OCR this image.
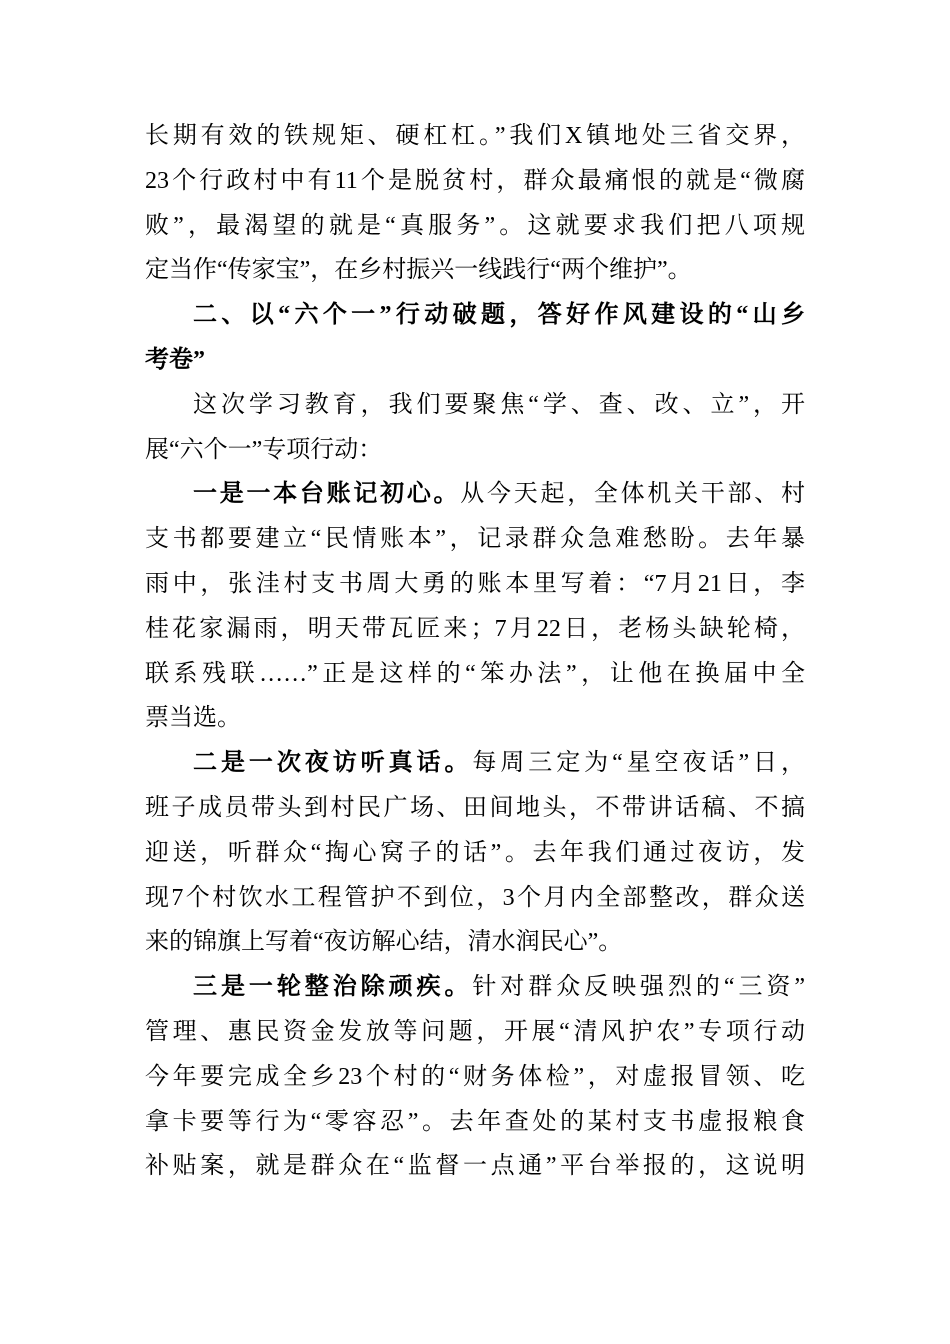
长期有效的铁规矩、硬杠杠。”我们X镇地处三省交界，
23个行政村中有11个是脱贫村，群众最痛恨的就是“微腐
败”，最渴望的就是“真服务”。这就要求我们把八项规
定当作“传家宝”，在乡村振兴一线践行“两个维护”。
二、以“六个一”行动破题，答好作风建设的“山乡
考卷”
这次学习教育，我们要聚焦“学、查、改、立”，开
展“六个一”专项行动：
一是一本台账记初心。从今天起，全体机关干部、村
支书都要建立“民情账本”，记录群众急难愁盼。去年暴
雨中，张洼村支书周大勇的账本里写着：“7月21日，李
桂花家漏雨，明天带瓦匠来；7月22日，老杨头缺轮椅，
联系残联……”正是这样的“笨办法”，让他在换届中全
票当选。
二是一次夜访听真话。每周三定为“星空夜话”日，
班子成员带头到村民广场、田间地头，不带讲话稿、不搞
迎送，听群众“掏心窝子的话”。去年我们通过夜访，发
现7个村饮水工程管护不到位，3个月内全部整改，群众送
来的锦旗上写着“夜访解心结，清水润民心”。
三是一轮整治除顽疾。针对群众反映强烈的“三资”
管理、惠民资金发放等问题，开展“清风护农”专项行动
今年要完成全乡23个村的“财务体检”，对虚报冒领、吃
拿卡要等行为“零容忍”。去年查处的某村支书虚报粮食
补贴案，就是群众在“监督一点通”平台举报的，这说明
